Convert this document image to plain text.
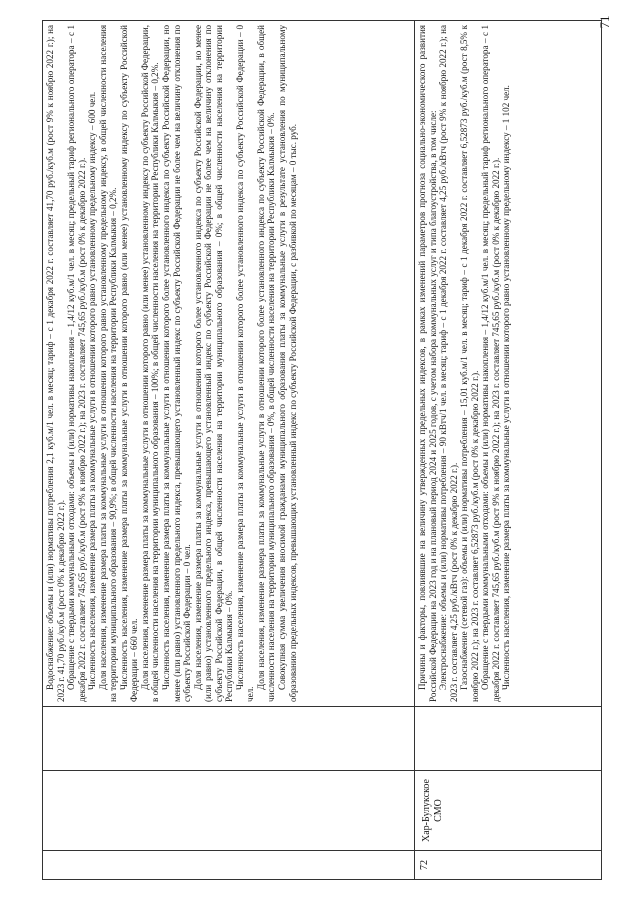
71

Водоснабжение: объемы и (или) нормативы потребления 2,1 куб.м/1 чел. в месяц; тариф – с 1 декабря 2022 г. составляет 41,70 руб./куб.м (рост 9% к ноябрю 2022 г.); на 2023 г. 41,70 руб./куб.м (рост 0% к декабрю 2022 г.). Обращение с твердыми коммунальными отходами: объемы и (или) нормативы накопления – 1,4/12 куб.м/1 чел. в месяц; предельный тариф регионального оператора – с 1 декабря 2022 г. составляет 745,65 руб./куб.м (рост 9% к ноябрю 2022 г.); на 2023 г. составляет 745,65 руб./куб.м (рост 0% к декабрю 2022 г.). Численность населения, изменение размера платы за коммунальные услуги в отношении которого равно установленному предельному индексу – 600 чел. Доля населения, изменение размера платы за коммунальные услуги в отношении которого равно установленному предельному индексу, в общей численности населения на территории муниципального образования – 90,9%; в общей численности населения на территории Республики Калмыкия – 0,2%. Численность населения, изменение размера платы за коммунальные услуги в отношении которого равно (или менее) установленному индексу по субъекту Российской Федерации – 660 чел. Доля населения, изменение размера платы за коммунальные услуги в отношении которого равно (или менее) установленному индексу по субъекту Российской Федерации, в общей численности населения на территории муниципального образования – 100%; в общей численности населения на территории Республики Калмыкия – 0,2%. Численность населения, изменение размера платы за коммунальные услуги в отношении которого более установленного индекса по субъекту Российской Федерации, но менее (или равно) установленного предельного индекса, превышающего установленный индекс по субъекту Российской Федерации не более чем на величину отклонения по субъекту Российской Федерации – 0 чел. Доля населения, изменение размера платы за коммунальные услуги в отношении которого более установленного индекса по субъекту Российской Федерации, но менее (или равно) установленного предельного индекса, превышающего установленный индекс по субъекту Российской Федерации не более чем на величину отклонения по субъекту Российской Федерации, в общей численности населения на территории муниципального образования – 0%; в общей численности населения на территории Республики Калмыкия – 0%. Численность населения, изменение размера платы за коммунальные услуги в отношении которого более установленного индекса по субъекту Российской Федерации – 0 чел.

Доля населения, изменение размера платы за коммунальные услуги в отношении которого более установленного индекса по субъекту Российской Федерации, в общей численности населения на территории муниципального образования – 0%, в общей численности населения на территории Республики Калмыкия – 0%. Совокупная сумма увеличения вносимой гражданами муниципального образования платы за коммунальные услуги в результате установления по муниципальному образованию предельных индексов, превышающих установленный индекс по субъекту Российской Федерации, с разбивкой по месяцам – 0 тыс. руб.

72
Хар-Булукское СМО

Причины и факторы, повлиявшие на величину утвержденных предельных индексов, в рамках изменений параметров прогноза социально-экономического развития Российской Федерации на 2023 год и на плановый период 2024 и 2025 годов, с учетом набора коммунальных услуг и типа благоустройства, в том числе: Электроснабжение: объемы и (или) нормативы потребления – 90 кВтч/1 чел. в месяц; тариф – с 1 декабря 2022 г. составляет 4,25 руб./кВтч (рост 9% к ноябрю 2022 г.); на 2023 г. составляет 4,25 руб./кВтч (рост 0% к декабрю 2022 г.). Газоснабжение (сетевой газ): объемы и (или) нормативы потребления – 15,01 куб.м/1 чел. в месяц; тариф – с 1 декабря 2022 г. составляет 6,52873 руб./куб.м (рост 8,5% к ноябрю 2022 г.); на 2023 г. составляет 6,52873 руб./куб.м (рост 0% к декабрю 2022 г.). Обращение с твердыми коммунальными отходами: объемы и (или) нормативы накопления – 1,4/12 куб.м/1 чел. в месяц; предельный тариф регионального оператора – с 1 декабря 2022 г. составляет 745,65 руб./куб.м (рост 9% к ноябрю 2022 г.); на 2023 г. составляет 745,65 руб./куб.м (рост 0% к декабрю 2022 г.). Численность населения, изменение размера платы за коммунальные услуги в отношении которого равно установленному предельному индексу – 1 102 чел.
